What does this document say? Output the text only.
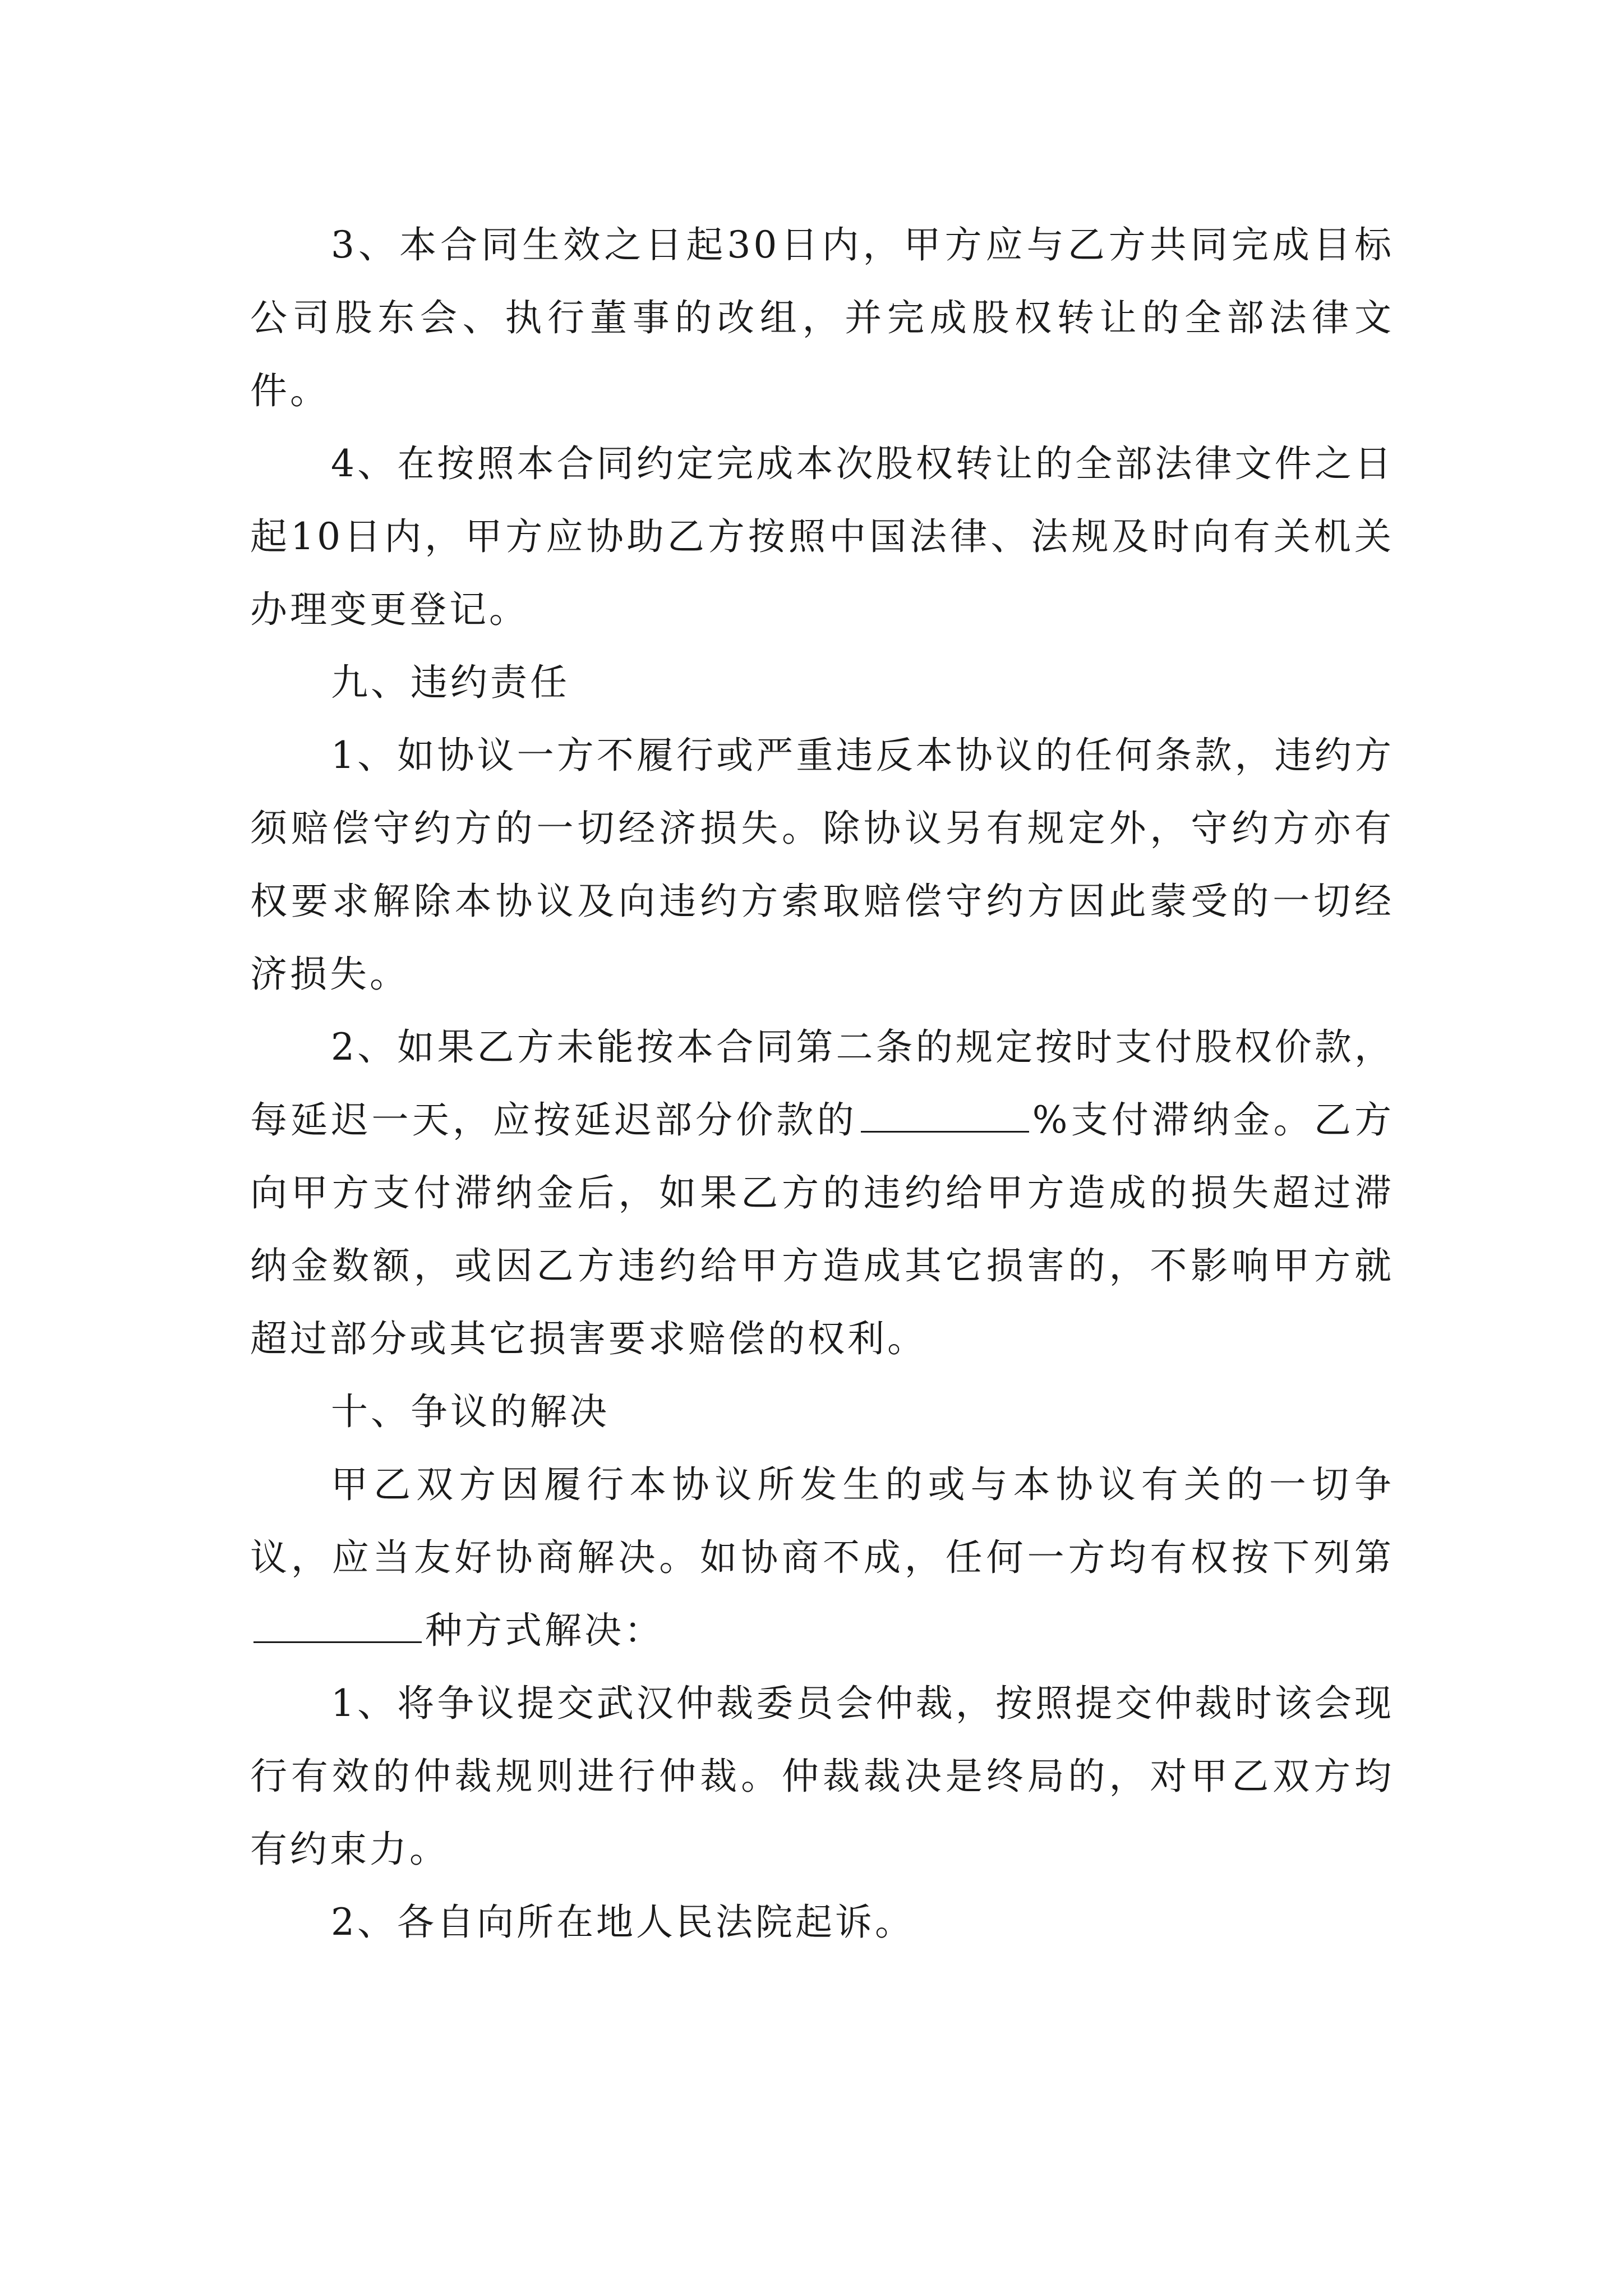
3、本合同生效之日起30日内，甲方应与乙方共同完成目标公司股东会、执行董事的改组，并完成股权转让的全部法律文件。

4、在按照本合同约定完成本次股权转让的全部法律文件之日起10日内，甲方应协助乙方按照中国法律、法规及时向有关机关办理变更登记。

九、违约责任

1、如协议一方不履行或严重违反本协议的任何条款，违约方须赔偿守约方的一切经济损失。除协议另有规定外，守约方亦有权要求解除本协议及向违约方索取赔偿守约方因此蒙受的一切经济损失。

2、如果乙方未能按本合同第二条的规定按时支付股权价款，每延迟一天，应按延迟部分价款的	%支付滞纳金。乙方向甲方支付滞纳金后，如果乙方的违约给甲方造成的损失超过滞纳金数额，或因乙方违约给甲方造成其它损害的，不影响甲方就超过部分或其它损害要求赔偿的权利。

十、争议的解决

甲乙双方因履行本协议所发生的或与本协议有关的一切争议，应当友好协商解决。如协商不成，任何一方均有权按下列第种方式解决：

1、将争议提交武汉仲裁委员会仲裁，按照提交仲裁时该会现行有效的仲裁规则进行仲裁。仲裁裁决是终局的，对甲乙双方均有约束力。

2、各自向所在地人民法院起诉。
